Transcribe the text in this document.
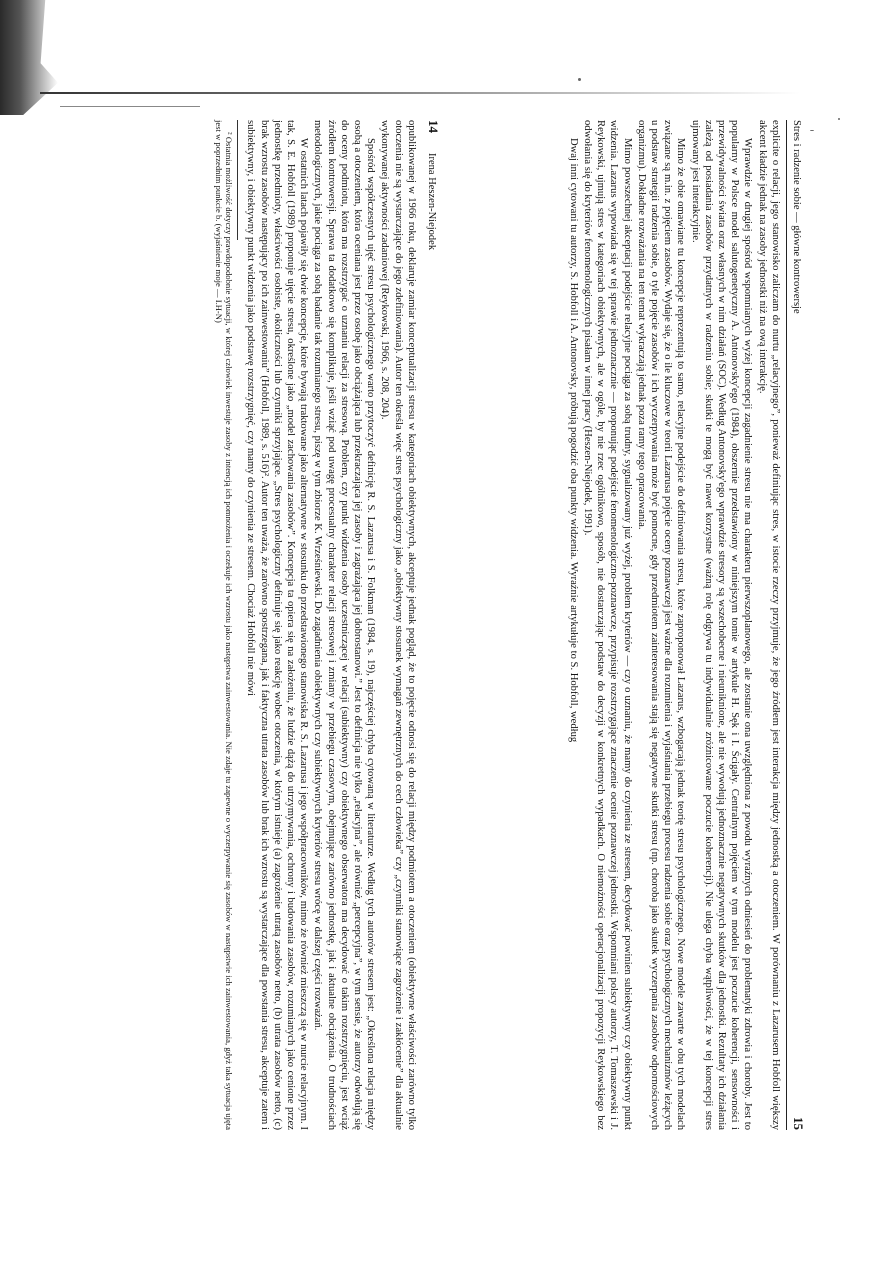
14
Irena Heszen-Niejodek

opublikowanej w 1966 roku, deklaruje zamiar konceptualizacji stresu w kategoriach obiektywnych, akceptuje jednak pogląd, że to pojęcie odnosi się do relacji między podmiotem a otoczeniem (obiektywne właściwości zarówno tylko otoczenia nie są wystarczające do jego zdefiniowania). Autor ten określa więc stres psychologiczny jako „obiektywny stosunek wymagań zewnętrznych do cech człowieka” czy „czynniki stanowiące zagrożenie i zakłócenie” dla aktualnie wykonywanej aktywności zadaniowej (Reykowski, 1966, s. 208, 204).

Spośród współczesnych ujęć stresu psychologicznego warto przytoczyć definicję R. S. Lazarusa i S. Folkman (1984, s. 19), najczęściej chyba cytowaną w literaturze. Według tych autorów stresem jest: „Określona relacja między osobą a otoczeniem, która oceniana jest przez osobę jako obciążająca lub przekraczająca jej zasoby i zagrażająca jej dobrostanowi.” Jest to definicja nie tylko „relacyjna”, ale również „percepcyjna”, w tym sensie, że autorzy odwołują się do oceny podmiotu, która ma rozstrzygać o uznaniu relacji za stresową. Problem, czy punkt widzenia osoby uczestniczącej w relacji (subiektywny) czy obiektywnego obserwatora ma decydować o takim rozstrzygnięciu, jest wciąż źródłem kontrowersji. Sprawa ta dodatkowo się komplikuje, jeśli wziąć pod uwagę procesualny charakter relacji stresowej i zmiany w przebiegu czasowym, obejmujące zarówno jednostkę, jak i aktualne obciążenia. O trudnościach metodologicznych, jakie pociąga za sobą badanie tak rozumianego stresu, piszę w tym zbiorze K. Wrześniewski. Do zagadnienia obiektywnych czy subiektywnych kryteriów stresu wrócę w dalszej części rozważań.

W ostatnich latach pojawiły się dwie koncepcje, które bywają traktowane jako alternatywne w stosunku do przedstawionego stanowiska R. S. Lazarusa i jego współpracowników, mimo że również mieszczą się w nurcie relacyjnym. I tak, S. E. Hobfoll (1989) proponuje ujęcie stresu, określone jako „model zachowania zasobów”. Koncepcja ta opiera się na założeniu, że ludzie dążą do utrzymywania, ochrony i budowania zasobów, rozumianych jako cenione przez jednostkę przedmioty, właściwości osobiste, okoliczności lub czynniki sprzyjające. „Stres psychologiczny definiuje się jako reakcję wobec otoczenia, w którym istnieje (a) zagrożenie utratą zasobów netto, (b) utrata zasobów netto, (c) brak wzrostu zasobów następujący po ich zainwestowaniu” (Hobfoll, 1989, s. 516)². Autor ten uważa, że zarówno spostrzegana, jak i faktyczna utrata zasobów lub brak ich wzrostu są wystarczające dla powstania stresu, akceptuje zatem i subiektywny, i obiektywny punkt widzenia jako podstawę rozstrzygnięć, czy mamy do czynienia ze stresem. Chociaż Hobfoll nie mówi

² Ostatnia możliwość dotyczy prawdopodobnie sytuacji, w której człowiek inwestuje zasoby z intencją ich pomnożenia i oczekuje ich wzrostu jako następstwa zainwestowania. Nie zdaje tu zapewne o wyczerpywanie się zasobów w następstwie ich zainwestowania, gdyż taka sytuacja ujęta jest w poprzednim punkcie b. (wyjaśnienie moje — I.H-N)	Stres i radzenie sobie — główne kontrowersje
15

explicite o relacji, jego stanowisko zaliczam do nurtu „relacyjnego”, ponieważ definiując stres, w istocie rzeczy przyjmuje, że jego źródłem jest interakcja między jednostką a otoczeniem. W porównaniu z Lazarusem Hobfoll większy akcent kładzie jednak na zasoby jednostki niż na ową interakcję.

Wprawdzie w drugiej spośród wspomnianych wyżej koncepcji zagadnienie stresu nie ma charakteru pierwszoplanowego, ale zostanie ona uwzględniona z powodu wyraźnych odniesień do problematyki zdrowia i choroby. Jest to popularny w Polsce model salutogenetyczny A. Antonovsky'ego (1984), obszernie przedstawiony w niniejszym tomie w artykule H. Sęk i I. Ścigały. Centralnym pojęciem w tym modelu jest poczucie koherencji, sensowności i przewidywalności świata oraz własnych w nim działań (SOC). Według Antonovsky'ego wprawdzie stresory są wszechobecne i nieuniknione, ale nie wywołują jednoznacznie negatywnych skutków dla jednostki. Rezultaty ich działania zależą od posiadania zasobów przydatnych w radzeniu sobie; skutki te mogą być nawet korzystne (ważną rolę odgrywa tu indywidualnie zróżnicowane poczucie koherencji). Nie ulega chyba wątpliwości, że w tej koncepcji stres ujmowany jest interakcyjnie.

Mimo że obie omawiane tu koncepcje reprezentują to samo, relacyjne podejście do definiowania stresu, które zaproponował Lazarus, wzbogacają jednak teorię stresu psychologicznego. Nowe modele zawarte w obu tych modelach związane są m.in. z pojęciem zasobów. Wydaje się, że o ile kluczowe w teorii Lazarusa pojęcie oceny poznawczej jest ważne dla rozumienia i wyjaśniania przebiegu procesu radzenia sobie oraz psychologicznych mechanizmów leżących u podstaw strategii radzenia sobie, o tyle pojęcie zasobów i ich wyczerpywania może być pomocne, gdy przedmiotem zainteresowania stają się negatywne skutki stresu (np. choroba jako skutek wyczerpania zasobów odpornościowych organizmu). Dokładne rozważania na ten temat wykraczają jednak poza ramy tego opracowania.

Mimo powszechnej akceptacji podejście relacyjne pociąga za sobą trudny, sygnalizowany już wyżej, problem kryteriów — czy o uznaniu, że mamy do czynienia ze stresem, decydować powinien subiektywny czy obiektywny punkt widzenia. Lazarus wypowiada się w tej sprawie jednoznacznie — proponując podejście fenomenologiczno-poznawcze, przypisuje rozstrzygające znaczenie ocenie poznawczej jednostki. Wspomniani polscy autorzy, T. Tomaszewski i J. Reykowski, ujmują stres w kategoriach obiektywnych, ale w ogóle, by nie rzec ogólnikowo, sposób, nie dostarczając podstaw do decyzji w konkretnych wypadkach. O niemożności operacjonalizacji propozycji Reykowskiego bez odwołania się do kryteriów fenomenologicznych pisałam w innej pracy (Heszen-Niejodek, 1991).

Dwaj inni cytowani tu autorzy, S. Hobfoll i A. Antonovsky, próbują pogodzić oba punkty widzenia. Wyraźnie artykułuje to S. Hobfoll, według
